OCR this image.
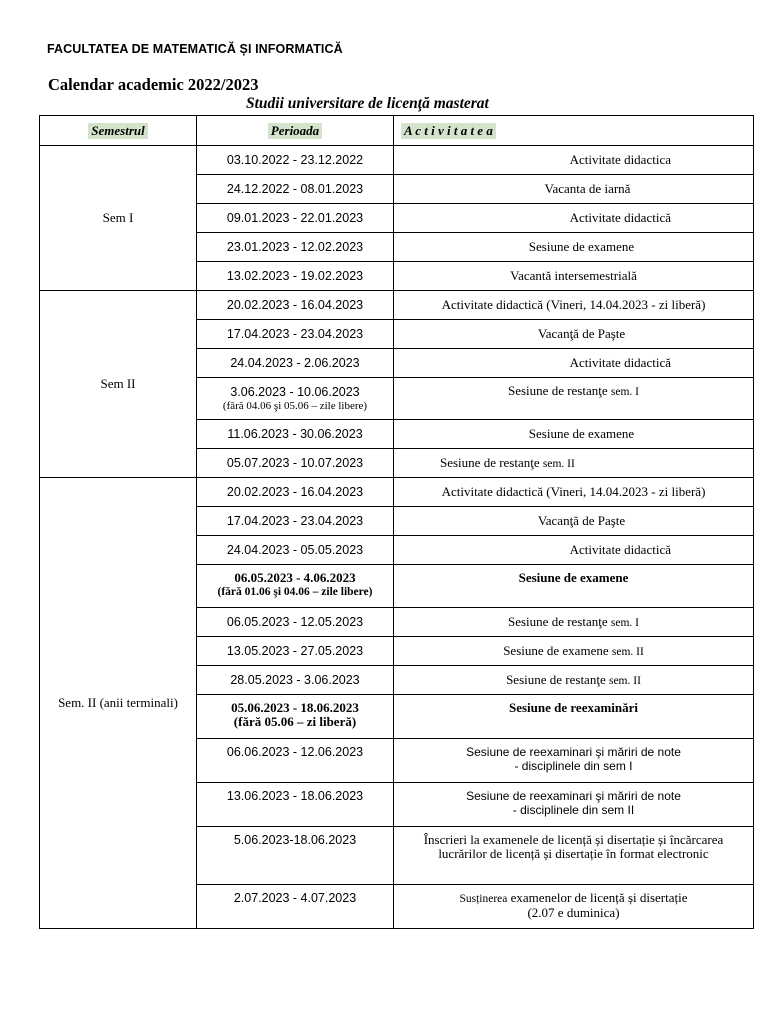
FACULTATEA DE MATEMATICĂ ȘI INFORMATICĂ
Calendar academic 2022/2023
Studii universitare de licenţă masterat
Semestrul	Perioada	A c t i v i t a t e a
Sem I	03.10.2022 - 23.12.2022	Activitate didactica
	24.12.2022 - 08.01.2023	Vacanta de iarnă
	09.01.2023 - 22.01.2023	Activitate didactică
	23.01.2023 - 12.02.2023	Sesiune de examene
	13.02.2023 - 19.02.2023	Vacantă intersemestrială
Sem II	20.02.2023 - 16.04.2023	Activitate didactică (Vineri, 14.04.2023 - zi liberă)
	17.04.2023 - 23.04.2023	Vacanţă de Paşte
	24.04.2023 - 2.06.2023	Activitate didactică
	3.06.2023 - 10.06.2023
(fără 04.06 şi 05.06 – zile libere)	Sesiune de restanţe sem. I
	11.06.2023 - 30.06.2023	Sesiune de examene
	05.07.2023 - 10.07.2023	Sesiune de restanţe sem. II
Sem. II (anii terminali)	20.02.2023 - 16.04.2023	Activitate didactică (Vineri, 14.04.2023 - zi liberă)
	17.04.2023 - 23.04.2023	Vacanţă de Paşte
	24.04.2023 - 05.05.2023	Activitate didactică
	06.05.2023 - 4.06.2023
(fără 01.06 şi 04.06 – zile libere)	Sesiune de examene
	06.05.2023 - 12.05.2023	Sesiune de restanţe sem. I
	13.05.2023 - 27.05.2023	Sesiune de examene sem. II
	28.05.2023 - 3.06.2023	Sesiune de restanţe sem. II
	05.06.2023 - 18.06.2023
(fără 05.06 – zi liberă)	Sesiune de reexaminări
	06.06.2023 - 12.06.2023	Sesiune de reexaminari şi măriri de note
- disciplinele din sem I
	13.06.2023 - 18.06.2023	Sesiune de reexaminari şi măriri de note
- disciplinele din sem II
	5.06.2023-18.06.2023	Înscrieri la examenele de licență și disertație și încărcarea lucrărilor de licență și disertație în format electronic
	2.07.2023 - 4.07.2023	Susținerea examenelor de licență și disertație
(2.07 e duminica)
